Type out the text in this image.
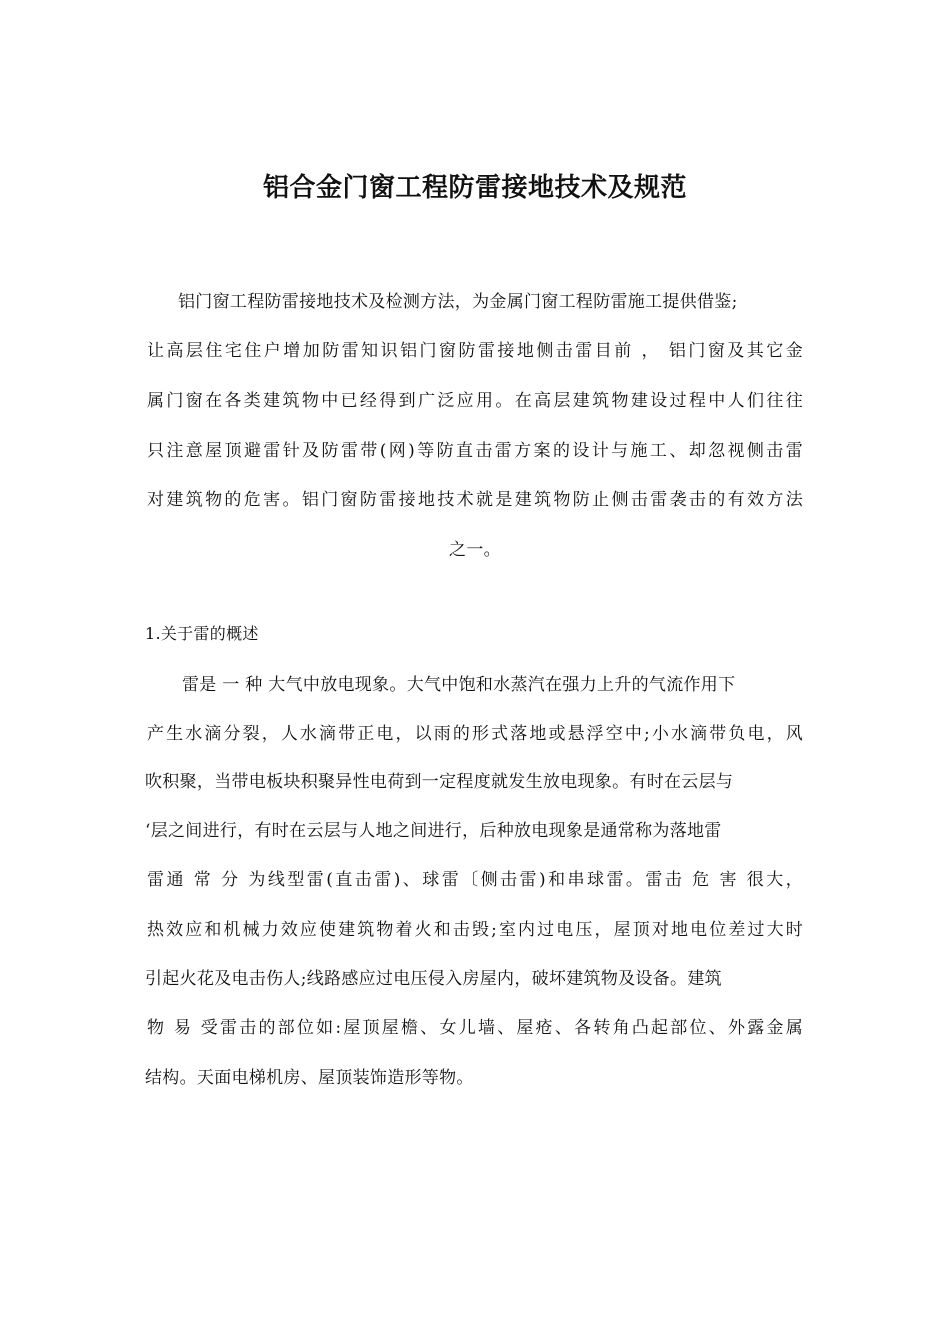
铝合金门窗工程防雷接地技术及规范

铝门窗工程防雷接地技术及检测方法，为金属门窗工程防雷施工提供借鉴;

让高层住宅住户增加防雷知识铝门窗防雷接地侧击雷目前 ， 铝门窗及其它金

属门窗在各类建筑物中已经得到广泛应用。在高层建筑物建设过程中人们往往

只注意屋顶避雷针及防雷带(网)等防直击雷方案的设计与施工、却忽视侧击雷

对建筑物的危害。铝门窗防雷接地技术就是建筑物防止侧击雷袭击的有效方法

之一。

1.关于雷的概述

雷是 一 种 大气中放电现象。大气中饱和水蒸汽在强力上升的气流作用下

产生水滴分裂，人水滴带正电，以雨的形式落地或悬浮空中;小水滴带负电，风

吹积聚，当带电板块积聚异性电荷到一定程度就发生放电现象。有时在云层与

‘层之间进行，有时在云层与人地之间进行，后种放电现象是通常称为落地雷

雷通 常 分 为线型雷(直击雷)、球雷〔侧击雷)和串球雷。雷击 危 害 很大，

热效应和机械力效应使建筑物着火和击毁;室内过电压，屋顶对地电位差过大时

引起火花及电击伤人;线路感应过电压侵入房屋内，破坏建筑物及设备。建筑

物 易 受雷击的部位如:屋顶屋檐、女儿墙、屋疮、各转角凸起部位、外露金属

结构。天面电梯机房、屋顶装饰造形等物。
